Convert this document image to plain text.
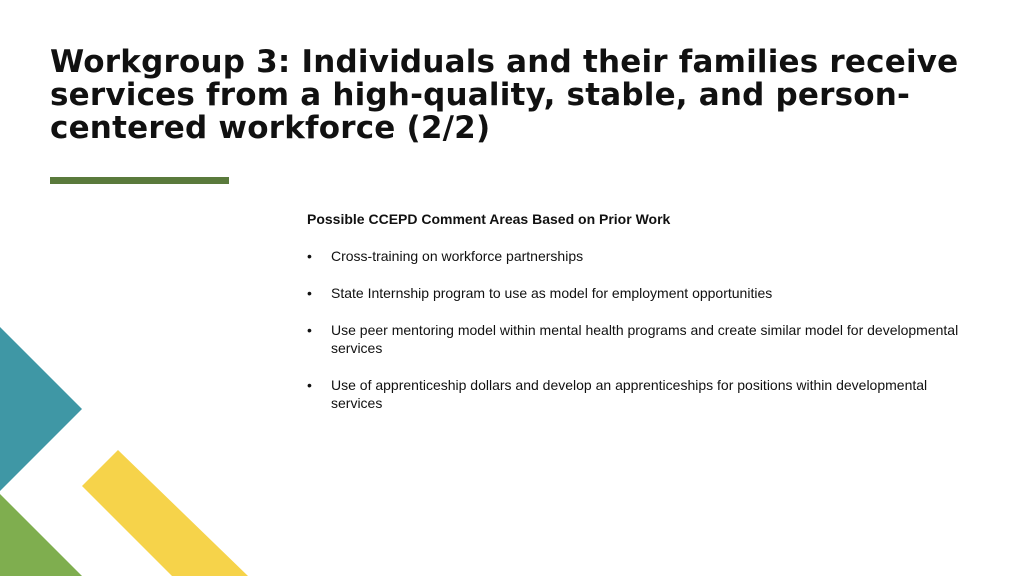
Workgroup 3: Individuals and their families receive services from a high-quality, stable, and person-centered workforce (2/2)

Possible CCEPD Comment Areas Based on Prior Work

• Cross-training on workforce partnerships
• State Internship program to use as model for employment opportunities
• Use peer mentoring model within mental health programs and create similar model for developmental services
• Use of apprenticeship dollars and develop an apprenticeships for positions within developmental services
